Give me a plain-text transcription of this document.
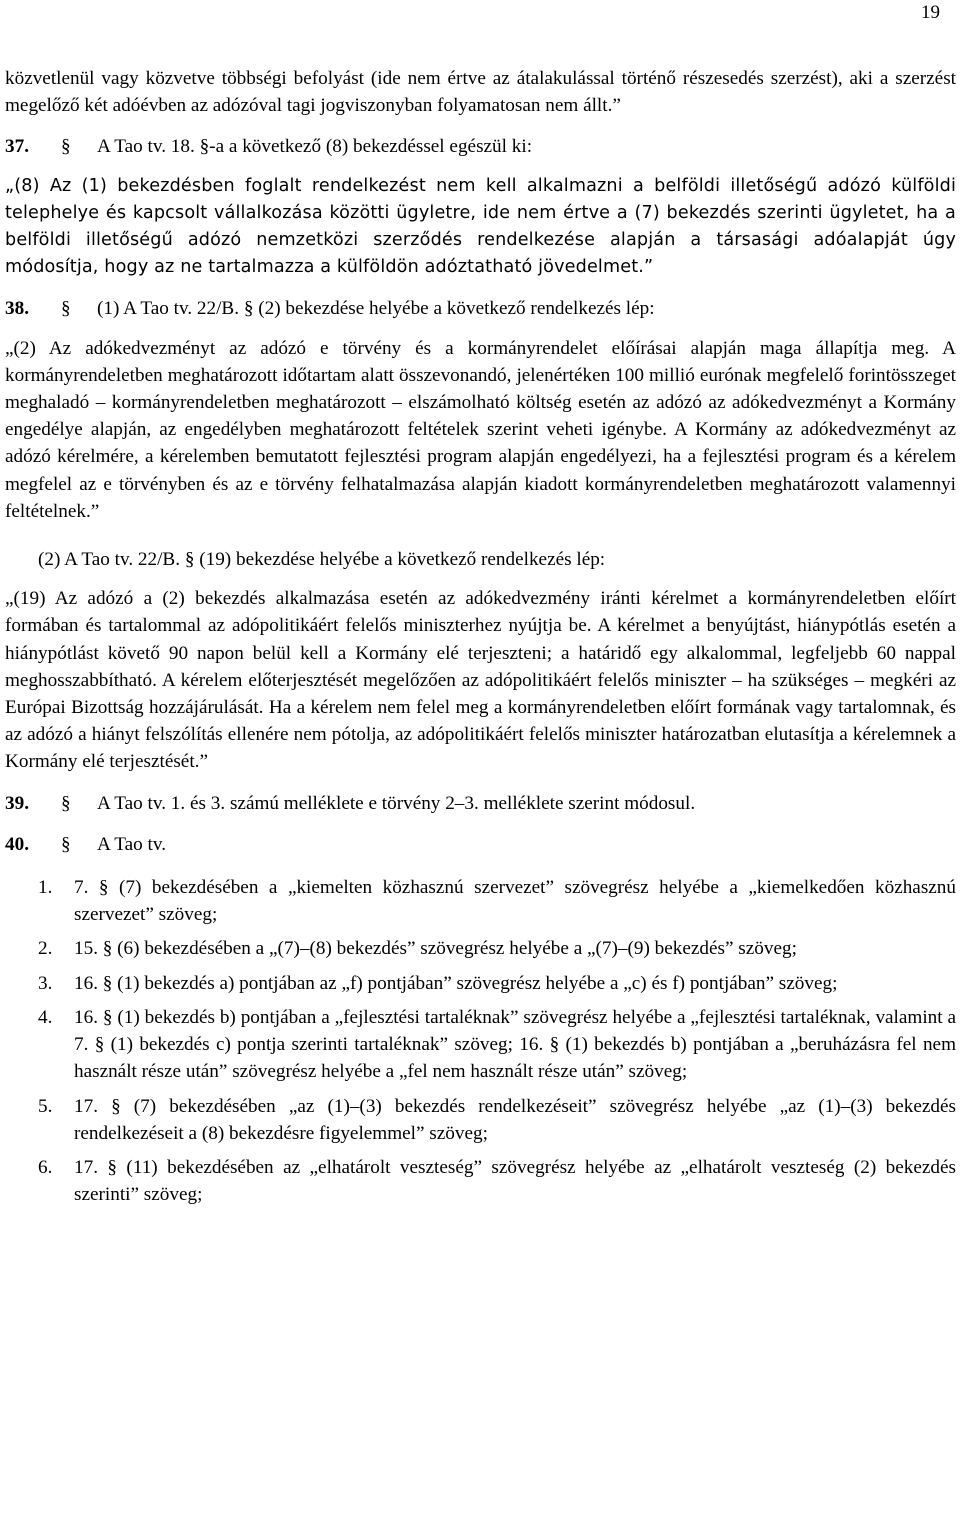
19

közvetlenül vagy közvetve többségi befolyást (ide nem értve az átalakulással történő részesedés szerzést), aki a szerzést megelőző két adóévben az adózóval tagi jogviszonyban folyamatosan nem állt.”

37. § A Tao tv. 18. §-a a következő (8) bekezdéssel egészül ki:

„(8) Az (1) bekezdésben foglalt rendelkezést nem kell alkalmazni a belföldi illetőségű adózó külföldi telephelye és kapcsolt vállalkozása közötti ügyletre, ide nem értve a (7) bekezdés szerinti ügyletet, ha a belföldi illetőségű adózó nemzetközi szerződés rendelkezése alapján a társasági adóalapját úgy módosítja, hogy az ne tartalmazza a külföldön adóztatható jövedelmet.”

38. § (1) A Tao tv. 22/B. § (2) bekezdése helyébe a következő rendelkezés lép:

„(2) Az adókedvezményt az adózó e törvény és a kormányrendelet előírásai alapján maga állapítja meg. A kormányrendeletben meghatározott időtartam alatt összevonandó, jelenértéken 100 millió eurónak megfelelő forintösszeget meghaladó – kormányrendeletben meghatározott – elszámolható költség esetén az adózó az adókedvezményt a Kormány engedélye alapján, az engedélyben meghatározott feltételek szerint veheti igénybe. A Kormány az adókedvezményt az adózó kérelmére, a kérelemben bemutatott fejlesztési program alapján engedélyezi, ha a fejlesztési program és a kérelem megfelel az e törvényben és az e törvény felhatalmazása alapján kiadott kormányrendeletben meghatározott valamennyi feltételnek.”

(2) A Tao tv. 22/B. § (19) bekezdése helyébe a következő rendelkezés lép:

„(19) Az adózó a (2) bekezdés alkalmazása esetén az adókedvezmény iránti kérelmet a kormányrendeletben előírt formában és tartalommal az adópolitikáért felelős miniszterhez nyújtja be. A kérelmet a benyújtást, hiánypótlás esetén a hiánypótlást követő 90 napon belül kell a Kormány elé terjeszteni; a határidő egy alkalommal, legfeljebb 60 nappal meghosszabbítható. A kérelem előterjesztését megelőzően az adópolitikáért felelős miniszter – ha szükséges – megkéri az Európai Bizottság hozzájárulását. Ha a kérelem nem felel meg a kormányrendeletben előírt formának vagy tartalomnak, és az adózó a hiányt felszólítás ellenére nem pótolja, az adópolitikáért felelős miniszter határozatban elutasítja a kérelemnek a Kormány elé terjesztését.”

39. § A Tao tv. 1. és 3. számú melléklete e törvény 2–3. melléklete szerint módosul.
40. § A Tao tv.
1.	7. § (7) bekezdésében a „kiemelten közhasznú szervezet” szövegrész helyébe a „kiemelkedően közhasznú szervezet” szöveg;
2.	15. § (6) bekezdésében a „(7)–(8) bekezdés” szövegrész helyébe a „(7)–(9) bekezdés” szöveg;
3.	16. § (1) bekezdés a) pontjában az „f) pontjában” szövegrész helyébe a „c) és f) pontjában” szöveg;
4.	16. § (1) bekezdés b) pontjában a „fejlesztési tartaléknak” szövegrész helyébe a „fejlesztési tartaléknak, valamint a 7. § (1) bekezdés c) pontja szerinti tartaléknak” szöveg; 16. § (1) bekezdés b) pontjában a „beruházásra fel nem használt része után” szövegrész helyébe a „fel nem használt része után” szöveg;
5.	17. § (7) bekezdésében „az (1)–(3) bekezdés rendelkezéseit” szövegrész helyébe „az (1)–(3) bekezdés rendelkezéseit a (8) bekezdésre figyelemmel” szöveg;
6.	17. § (11) bekezdésében az „elhatárolt veszteség” szövegrész helyébe az „elhatárolt veszteség (2) bekezdés szerinti” szöveg;
